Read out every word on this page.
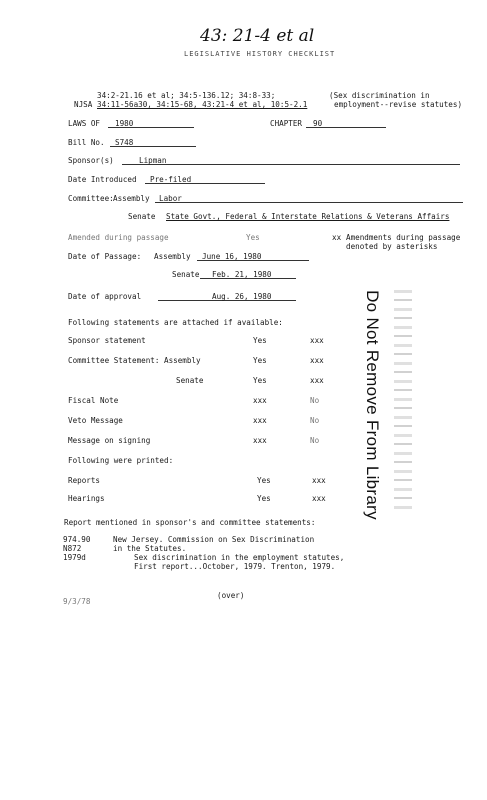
43: 21-4 et al
LEGISLATIVE HISTORY CHECKLIST
NJSA
34:2-21.16 et al; 34:5-136.12; 34:8-33;
34:11-56a30, 34:15-68, 43:21-4 et al, 10:5-2.1
(Sex discrimination in
employment--revise statutes)
LAWS OF 1980	CHAPTER 90
Bill No. S748
Sponsor(s)	Lipman
Date Introduced Pre-filed
Committee: Assembly Labor
Senate State Govt., Federal & Interstate Relations & Veterans Affairs
Amended during passage	Yes	xx Amendments during passage
denoted by asterisks
Date of Passage: Assembly June 16, 1980
Senate Feb. 21, 1980
Date of approval	Aug. 26, 1980
Following statements are attached if available:
Sponsor statement	Yes	xxx
Committee Statement: Assembly	Yes	xxx
Senate	Yes	xxx
Fiscal Note	xxx	No
Veto Message	xxx	No
Message on signing	xxx	No
Following were printed:
Reports	Yes	xxx
Hearings	Yes	xxx
Report mentioned in sponsor's and committee statements:
974.90
N872
1979d
New Jersey. Commission on Sex Discrimination
in the Statutes.
Sex discrimination in the employment statutes,
First report...October, 1979. Trenton, 1979.
9/3/78
(over)
Do Not Remove From Library
